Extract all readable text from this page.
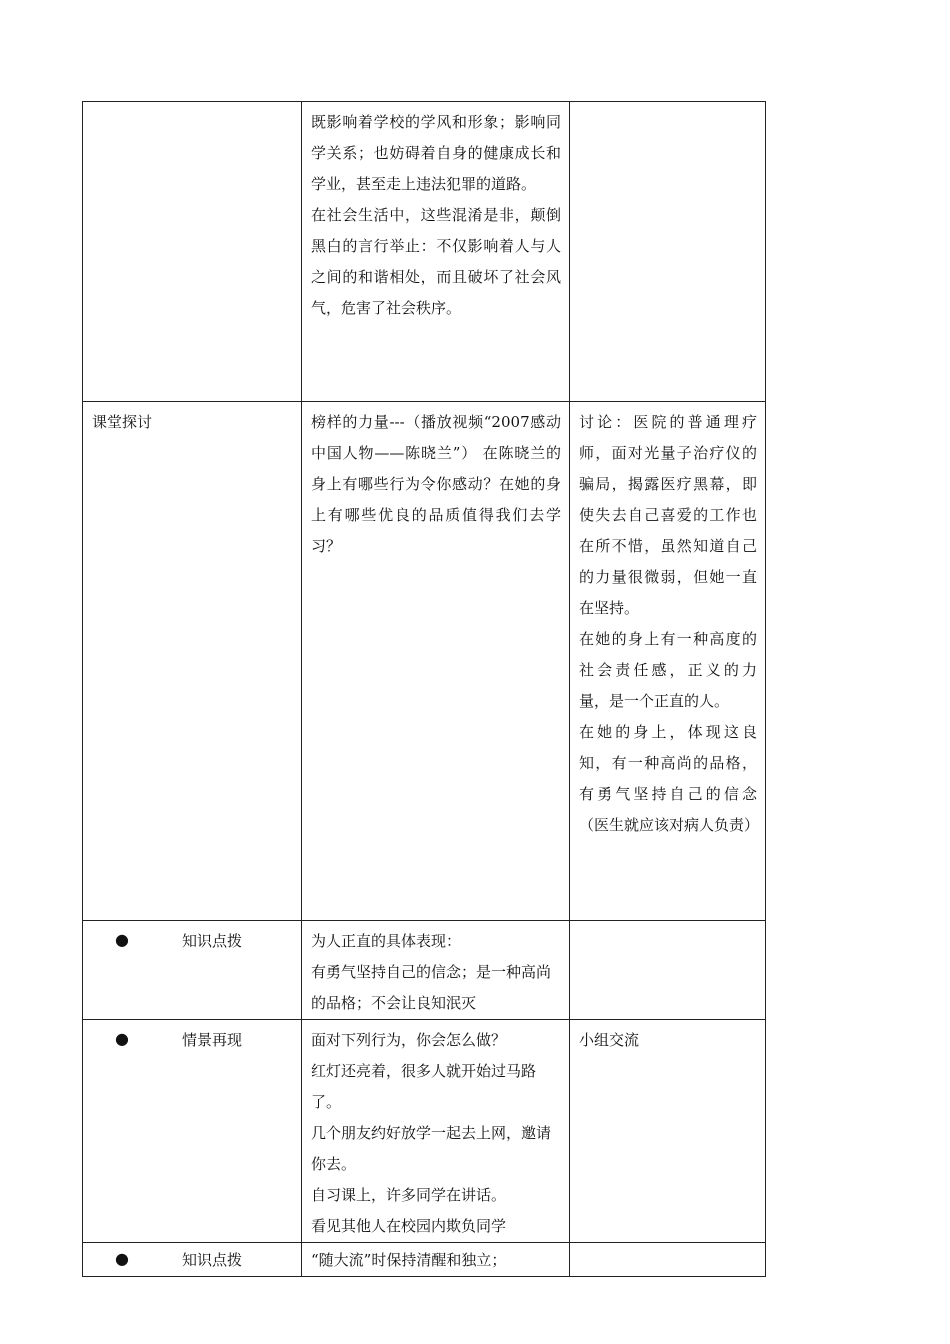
	既影响着学校的学风和形象；影响同学关系；也妨碍着自身的健康成长和学业，甚至走上违法犯罪的道路。
在社会生活中，这些混淆是非，颠倒黑白的言行举止：不仅影响着人与人之间的和谐相处，而且破坏了社会风气，危害了社会秩序。	

课堂探讨	榜样的力量---（播放视频“2007感动中国人物——陈晓兰”） 在陈晓兰的身上有哪些行为令你感动？在她的身上有哪些优良的品质值得我们去学习？	讨论：医院的普通理疗师，面对光量子治疗仪的骗局，揭露医疗黑幕，即使失去自己喜爱的工作也在所不惜，虽然知道自己的力量很微弱，但她一直在坚持。
在她的身上有一种高度的社会责任感，正义的力量，是一个正直的人。
在她的身上，体现这良知，有一种高尚的品格，有勇气坚持自己的信念（医生就应该对病人负责）

● 知识点拨	为人正直的具体表现：
有勇气坚持自己的信念；是一种高尚的品格；不会让良知泯灭	

● 情景再现	面对下列行为，你会怎么做？
红灯还亮着，很多人就开始过马路了。
几个朋友约好放学一起去上网，邀请你去。
自习课上，许多同学在讲话。
看见其他人在校园内欺负同学	小组交流

● 知识点拨	“随大流”时保持清醒和独立；	
